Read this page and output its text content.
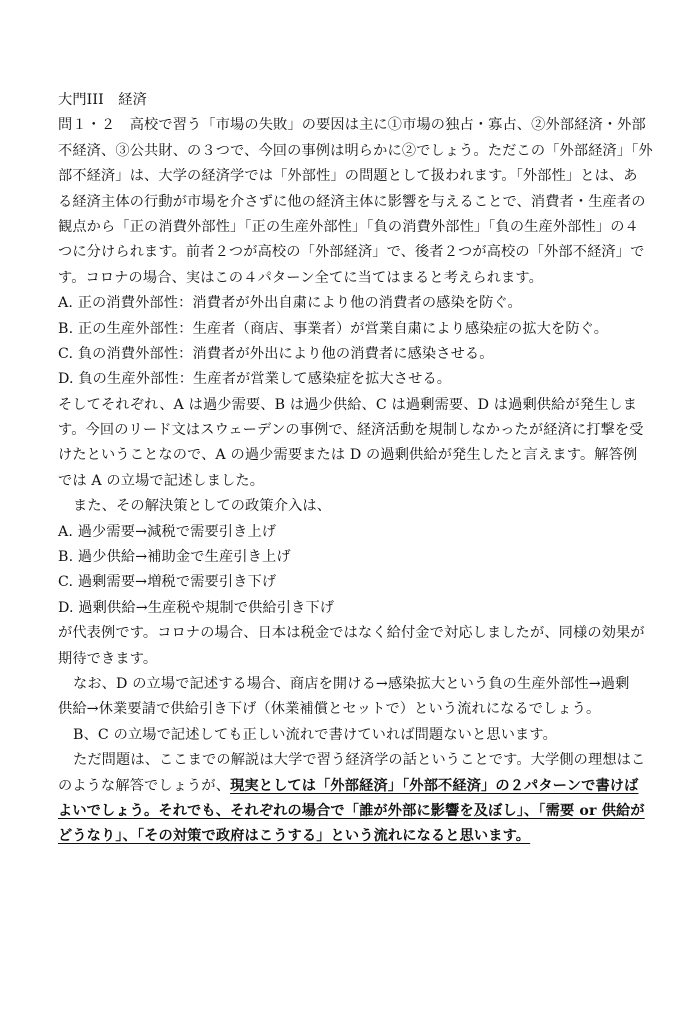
大門III　経済
問１・２　高校で習う「市場の失敗」の要因は主に①市場の独占・寡占、②外部経済・外部
不経済、③公共財、の３つで、今回の事例は明らかに②でしょう。ただこの「外部経済」「外
部不経済」は、大学の経済学では「外部性」の問題として扱われます。「外部性」とは、あ
る経済主体の行動が市場を介さずに他の経済主体に影響を与えることで、消費者・生産者の
観点から「正の消費外部性」「正の生産外部性」「負の消費外部性」「負の生産外部性」の４
つに分けられます。前者２つが高校の「外部経済」で、後者２つが高校の「外部不経済」で
す。コロナの場合、実はこの４パターン全てに当てはまると考えられます。
A. 正の消費外部性：消費者が外出自粛により他の消費者の感染を防ぐ。
B. 正の生産外部性：生産者（商店、事業者）が営業自粛により感染症の拡大を防ぐ。
C. 負の消費外部性：消費者が外出により他の消費者に感染させる。
D. 負の生産外部性：生産者が営業して感染症を拡大させる。
そしてそれぞれ、A は過少需要、B は過少供給、C は過剰需要、D は過剰供給が発生しま
す。今回のリード文はスウェーデンの事例で、経済活動を規制しなかったが経済に打撃を受
けたということなので、A の過少需要または D の過剰供給が発生したと言えます。解答例
では A の立場で記述しました。
また、その解決策としての政策介入は、
A. 過少需要→減税で需要引き上げ
B. 過少供給→補助金で生産引き上げ
C. 過剰需要→増税で需要引き下げ
D. 過剰供給→生産税や規制で供給引き下げ
が代表例です。コロナの場合、日本は税金ではなく給付金で対応しましたが、同様の効果が
期待できます。
なお、D の立場で記述する場合、商店を開ける→感染拡大という負の生産外部性→過剰
供給→休業要請で供給引き下げ（休業補償とセットで）という流れになるでしょう。
B、C の立場で記述しても正しい流れで書けていれば問題ないと思います。
ただ問題は、ここまでの解説は大学で習う経済学の話ということです。大学側の理想はこ
のような解答でしょうが、現実としては「外部経済」「外部不経済」の２パターンで書けば
よいでしょう。それでも、それぞれの場合で「誰が外部に影響を及ぼし」、「需要 or 供給が
どうなり」、「その対策で政府はこうする」という流れになると思います。
